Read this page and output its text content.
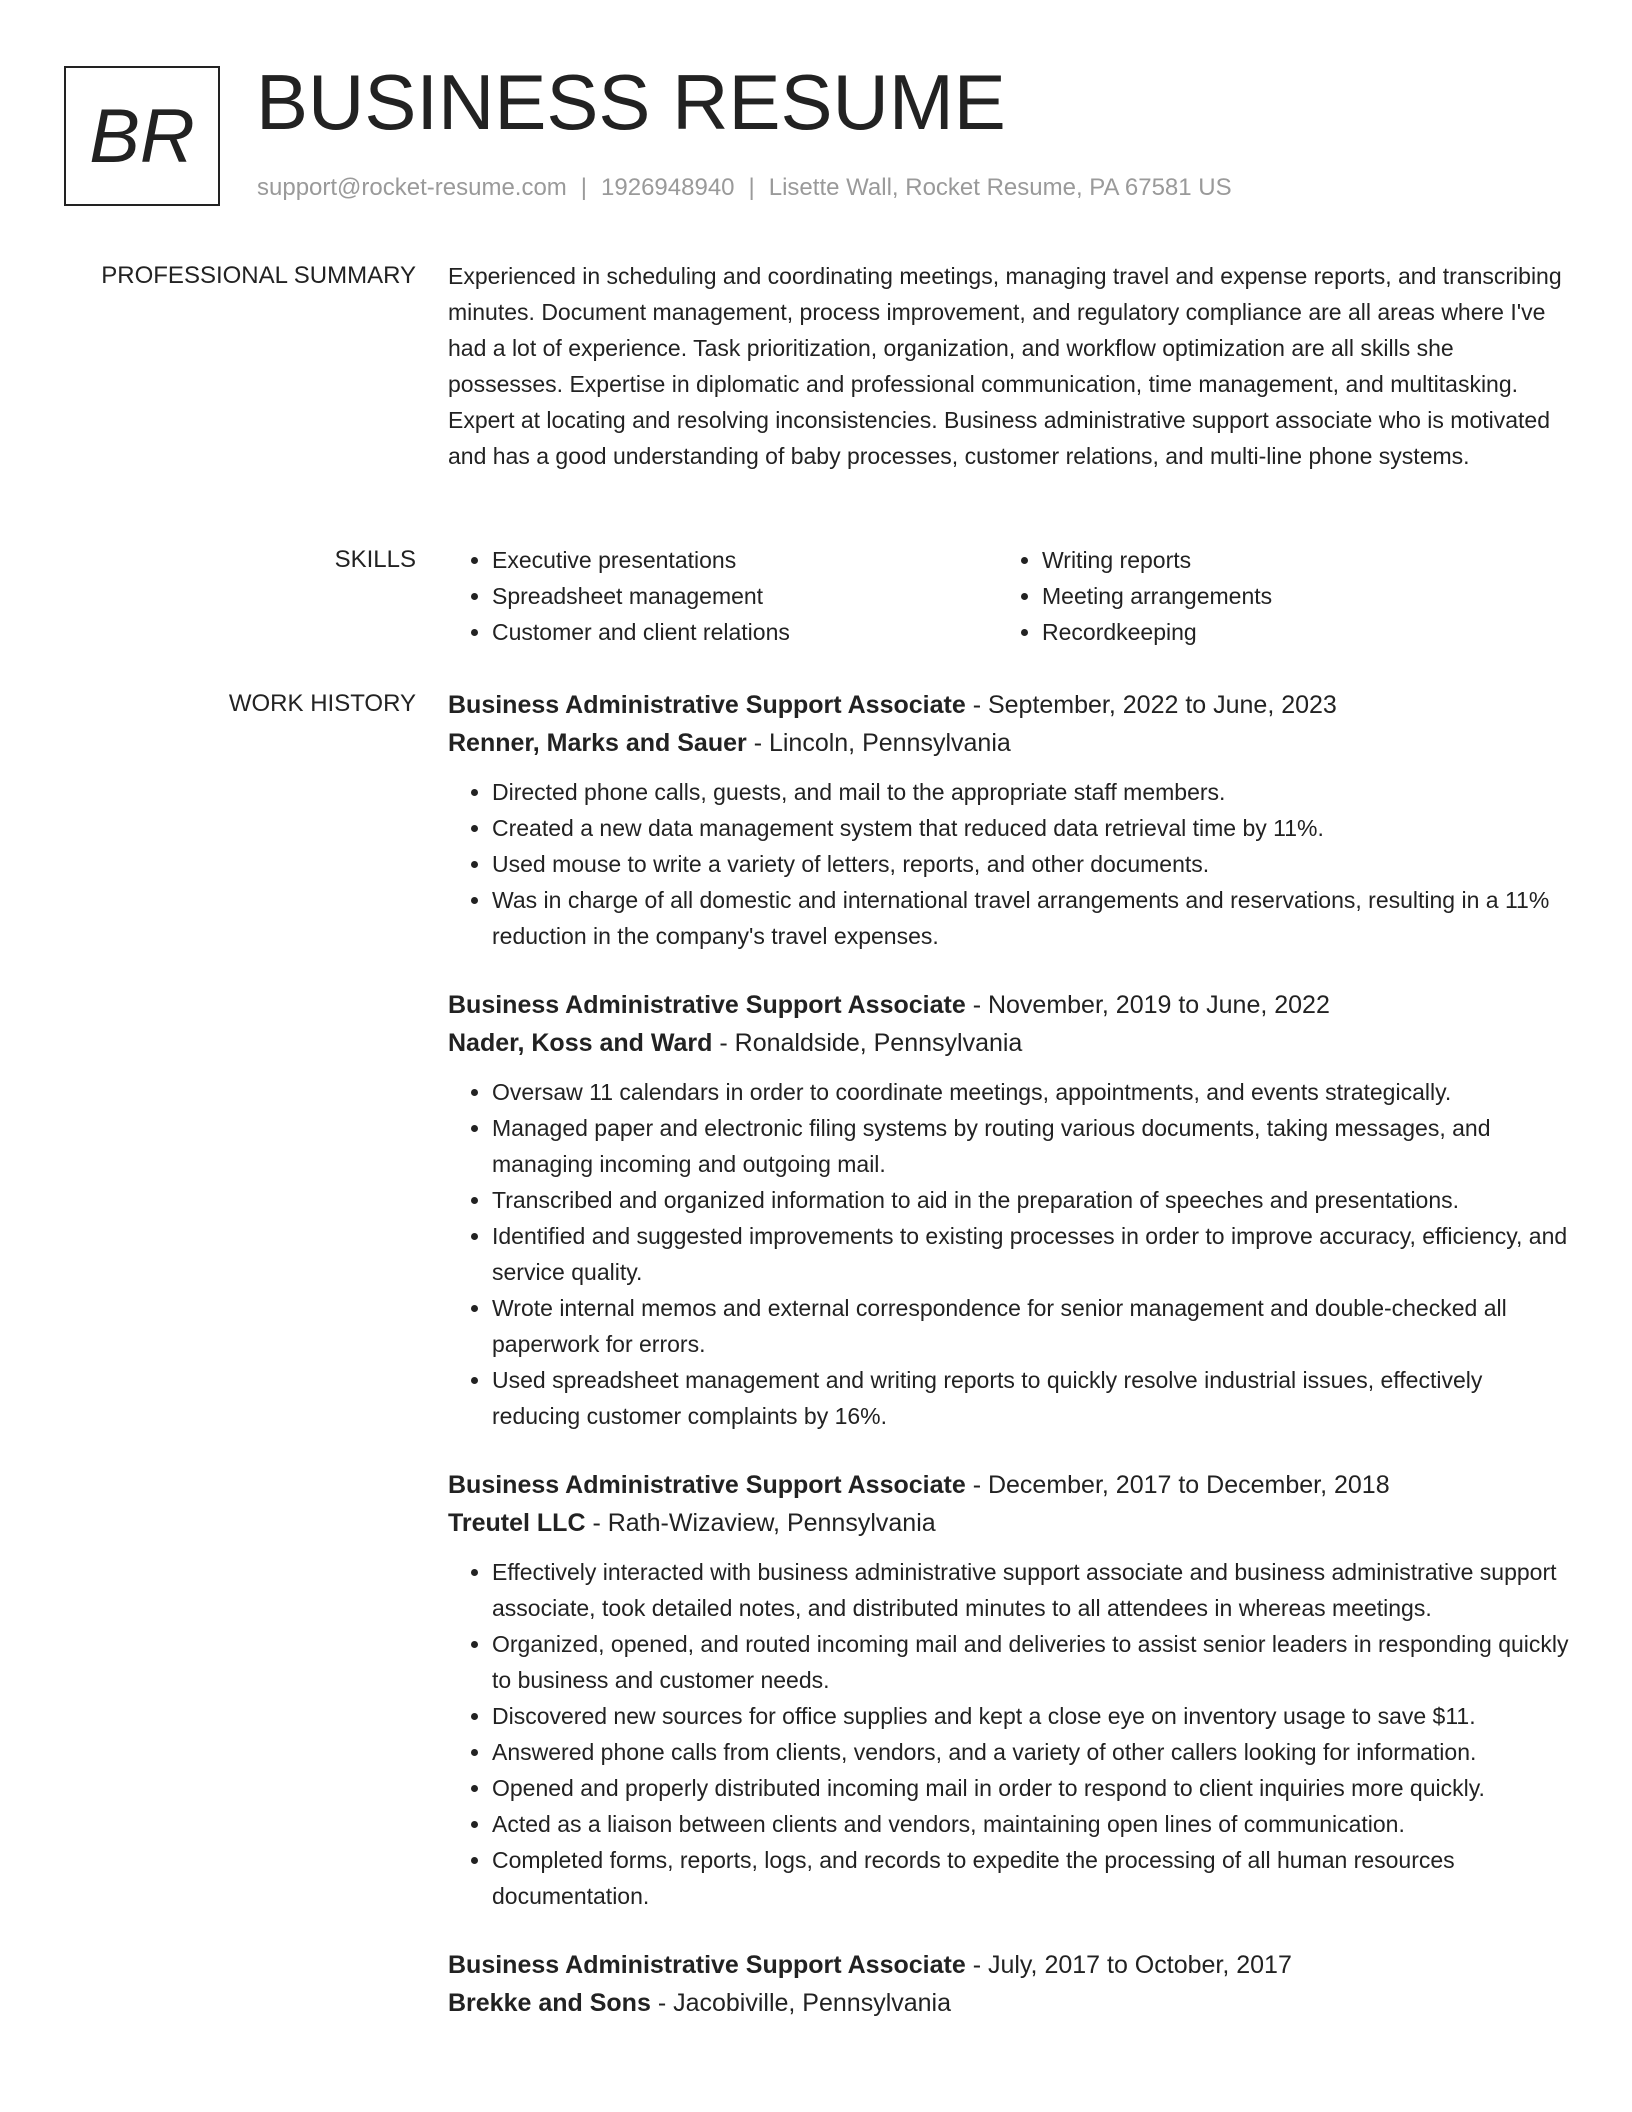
BR BUSINESS RESUME
support@rocket-resume.com | 1926948940 | Lisette Wall, Rocket Resume, PA 67581 US
PROFESSIONAL SUMMARY Experienced in scheduling and coordinating meetings, managing travel and expense reports, and transcribing minutes. Document management, process improvement, and regulatory compliance are all areas where I've had a lot of experience. Task prioritization, organization, and workflow optimization are all skills she possesses. Expertise in diplomatic and professional communication, time management, and multitasking. Expert at locating and resolving inconsistencies. Business administrative support associate who is motivated and has a good understanding of baby processes, customer relations, and multi-line phone systems.

SKILLS
•	Executive presentations
• Spreadsheet management
• Customer and client relations
• Writing reports
• Meeting arrangements
• Recordkeeping
WORK HISTORY Business Administrative Support Associate - September, 2022 to June, 2023
Renner, Marks and Sauer - Lincoln, Pennsylvania
• Directed phone calls, guests, and mail to the appropriate staff members.
• Created a new data management system that reduced data retrieval time by 11%.
• Used mouse to write a variety of letters, reports, and other documents.
• Was in charge of all domestic and international travel arrangements and reservations, resulting in a 11% reduction in the company's travel expenses.
Business Administrative Support Associate - November, 2019 to June, 2022
Nader, Koss and Ward - Ronaldside, Pennsylvania
• Oversaw 11 calendars in order to coordinate meetings, appointments, and events strategically.
• Managed paper and electronic filing systems by routing various documents, taking messages, and managing incoming and outgoing mail.
• Transcribed and organized information to aid in the preparation of speeches and presentations.
• Identified and suggested improvements to existing processes in order to improve accuracy, efficiency, and service quality.
• Wrote internal memos and external correspondence for senior management and double-checked all paperwork for errors.
• Used spreadsheet management and writing reports to quickly resolve industrial issues, effectively reducing customer complaints by 16%.
Business Administrative Support Associate - December, 2017 to December, 2018
Treutel LLC - Rath-Wizaview, Pennsylvania
• Effectively interacted with business administrative support associate and business administrative support associate, took detailed notes, and distributed minutes to all attendees in whereas meetings.
• Organized, opened, and routed incoming mail and deliveries to assist senior leaders in responding quickly to business and customer needs.
• Discovered new sources for office supplies and kept a close eye on inventory usage to save $11.
• Answered phone calls from clients, vendors, and a variety of other callers looking for information.
• Opened and properly distributed incoming mail in order to respond to client inquiries more quickly.
• Acted as a liaison between clients and vendors, maintaining open lines of communication.
• Completed forms, reports, logs, and records to expedite the processing of all human resources documentation.
Business Administrative Support Associate - July, 2017 to October, 2017
Brekke and Sons - Jacobiville, Pennsylvania
